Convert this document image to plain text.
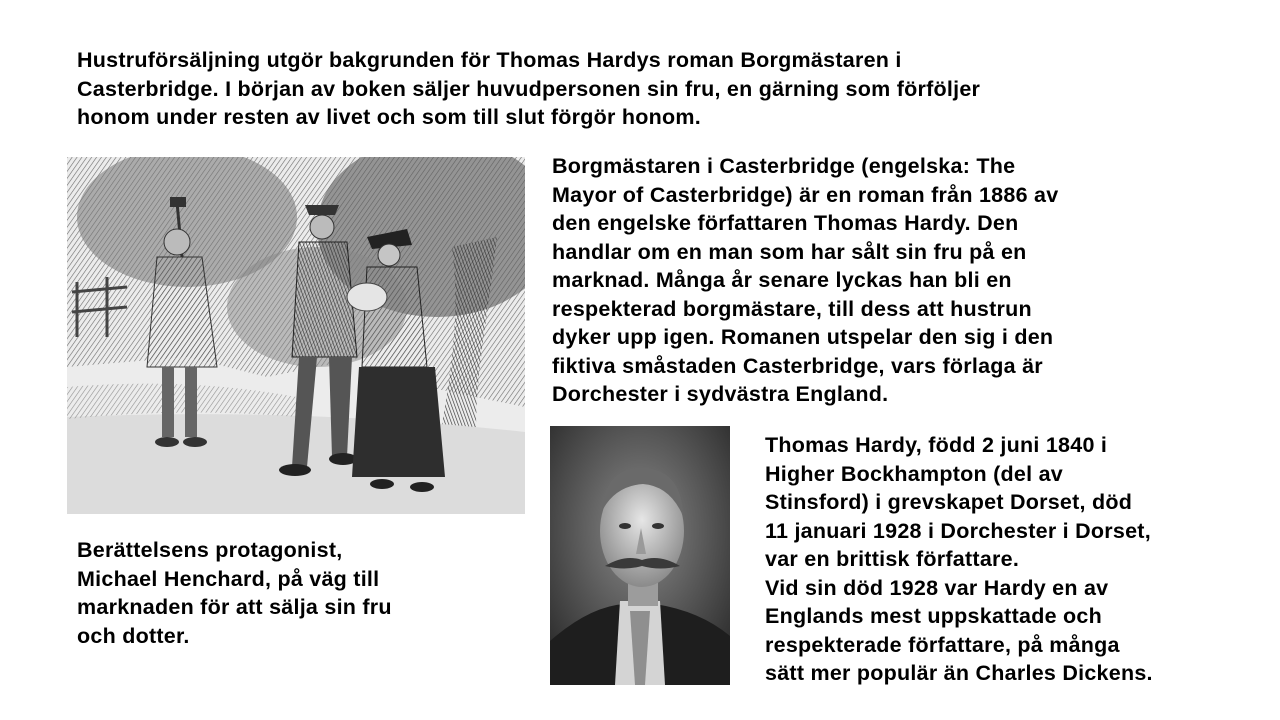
Hustruförsäljning utgör bakgrunden för Thomas Hardys roman Borgmästaren i
Casterbridge. I början av boken säljer huvudpersonen sin fru, en gärning som förföljer
honom under resten av livet och som till slut förgör honom.
Borgmästaren i Casterbridge (engelska: The
Mayor of Casterbridge) är en roman från 1886 av
den engelske författaren Thomas Hardy. Den
handlar om en man som har sålt sin fru på en
marknad. Många år senare lyckas han bli en
respekterad borgmästare, till dess att hustrun
dyker upp igen. Romanen utspelar den sig i den
fiktiva småstaden Casterbridge, vars förlaga är
Dorchester i sydvästra England.
Thomas Hardy, född 2 juni 1840 i
Higher Bockhampton (del av
Stinsford) i grevskapet Dorset, död
11 januari 1928 i Dorchester i Dorset,
var en brittisk författare.
Vid sin död 1928 var Hardy en av
Englands mest uppskattade och
respekterade författare, på många
sätt mer populär än Charles Dickens.
Berättelsens protagonist,
Michael Henchard, på väg till
marknaden för att sälja sin fru
och dotter.
